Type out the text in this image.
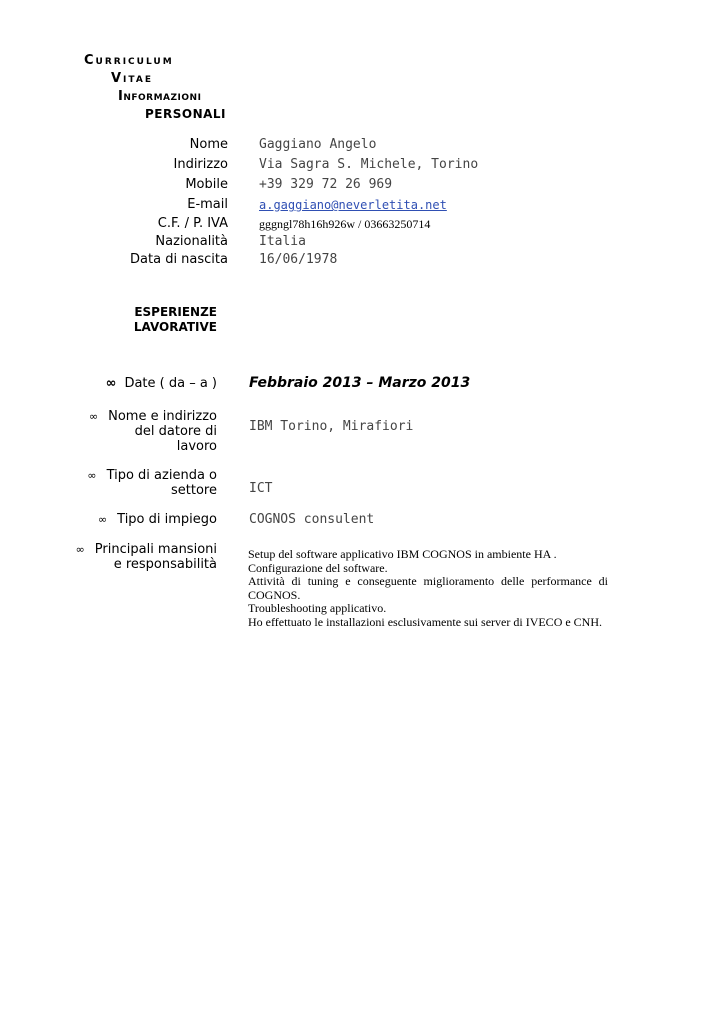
Curriculum
Vitae
Informazioni
PERSONALI
Nome Gaggiano Angelo
Indirizzo Via Sagra S. Michele, Torino
Mobile +39 329 72 26 969
E-mail	a.gaggiano@neverletita.net
C.F. / P. IVA	gggngl78h16h926w / 03663250714
Nazionalità Italia
Data di nascita 16/06/1978
ESPERIENZE
LAVORATIVE
∞ Date ( da – a ) Febbraio 2013 – Marzo 2013
∞ Nome e indirizzo
del datore di
lavoro
IBM Torino, Mirafiori
∞ Tipo di azienda o
settore ICT
∞ Tipo di impiego COGNOS consulent
∞ Principali mansioni
e responsabilità
Setup del software applicativo IBM COGNOS in ambiente HA .
Configurazione del software.
Attività di tuning e conseguente miglioramento delle performance di COGNOS.
Troubleshooting applicativo.
Ho effettuato le installazioni esclusivamente sui server di IVECO e CNH.
